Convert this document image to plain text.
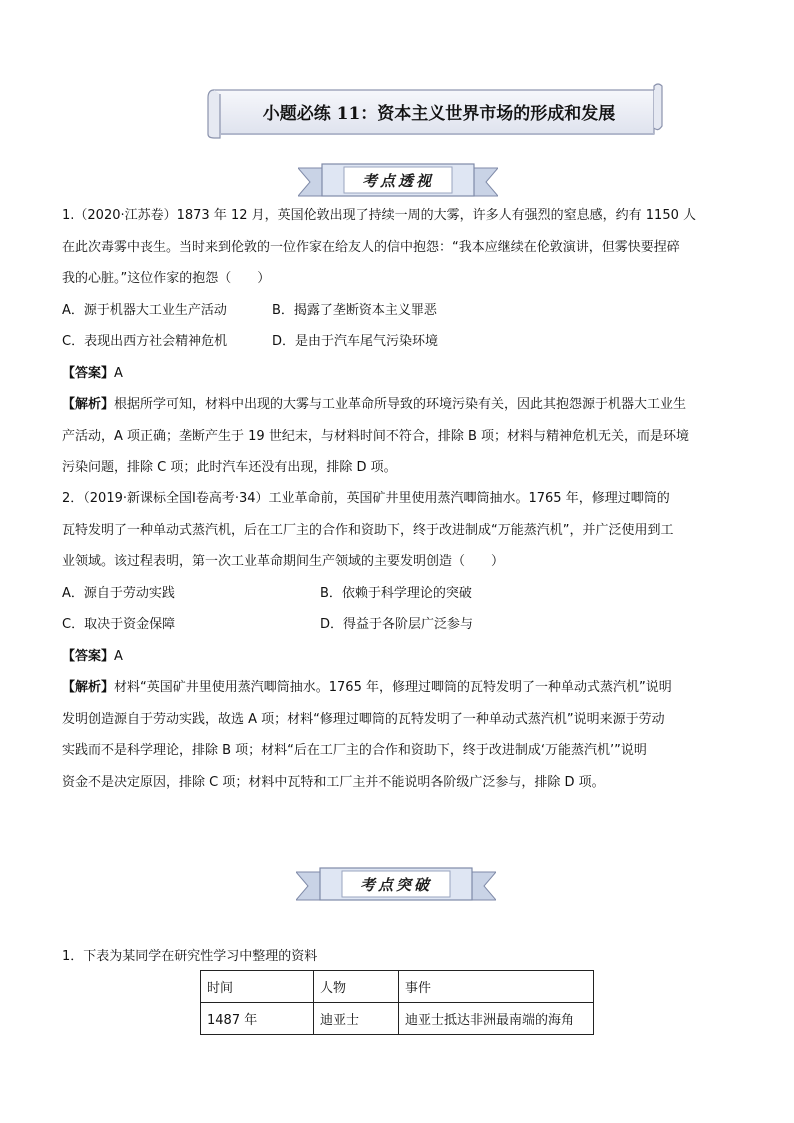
小题必练 11：资本主义世界市场的形成和发展
考点透视

1.（2020·江苏卷）1873 年 12 月，英国伦敦出现了持续一周的大雾，许多人有强烈的窒息感，约有 1150 人

在此次毒雾中丧生。当时来到伦敦的一位作家在给友人的信中抱怨：“我本应继续在伦敦演讲，但雾快要捏碎

我的心脏。”这位作家的抱怨（　　）

A．源于机器大工业生产活动	B．揭露了垄断资本主义罪恶
C．表现出西方社会精神危机	D．是由于汽车尾气污染环境

【答案】A

【解析】根据所学可知，材料中出现的大雾与工业革命所导致的环境污染有关，因此其抱怨源于机器大工业生

产活动，A 项正确；垄断产生于 19 世纪末，与材料时间不符合，排除 B 项；材料与精神危机无关，而是环境

污染问题，排除 C 项；此时汽车还没有出现，排除 D 项。

2．（2019·新课标全国Ⅰ卷高考·34）工业革命前，英国矿井里使用蒸汽唧筒抽水。1765 年，修理过唧筒的

瓦特发明了一种单动式蒸汽机，后在工厂主的合作和资助下，终于改进制成“万能蒸汽机”，并广泛使用到工

业领域。该过程表明，第一次工业革命期间生产领域的主要发明创造（　　）

A．源自于劳动实践	B．依赖于科学理论的突破
C．取决于资金保障	D．得益于各阶层广泛参与

【答案】A

【解析】材料“英国矿井里使用蒸汽唧筒抽水。1765 年，修理过唧筒的瓦特发明了一种单动式蒸汽机”说明

发明创造源自于劳动实践，故选 A 项；材料“修理过唧筒的瓦特发明了一种单动式蒸汽机”说明来源于劳动

实践而不是科学理论，排除 B 项；材料“后在工厂主的合作和资助下，终于改进制成‘万能蒸汽机’”说明

资金不是决定原因，排除 C 项；材料中瓦特和工厂主并不能说明各阶级广泛参与，排除 D 项。

考点突破

1．下表为某同学在研究性学习中整理的资料

时间	人物	事件
1487 年	迪亚士	迪亚士抵达非洲最南端的海角
